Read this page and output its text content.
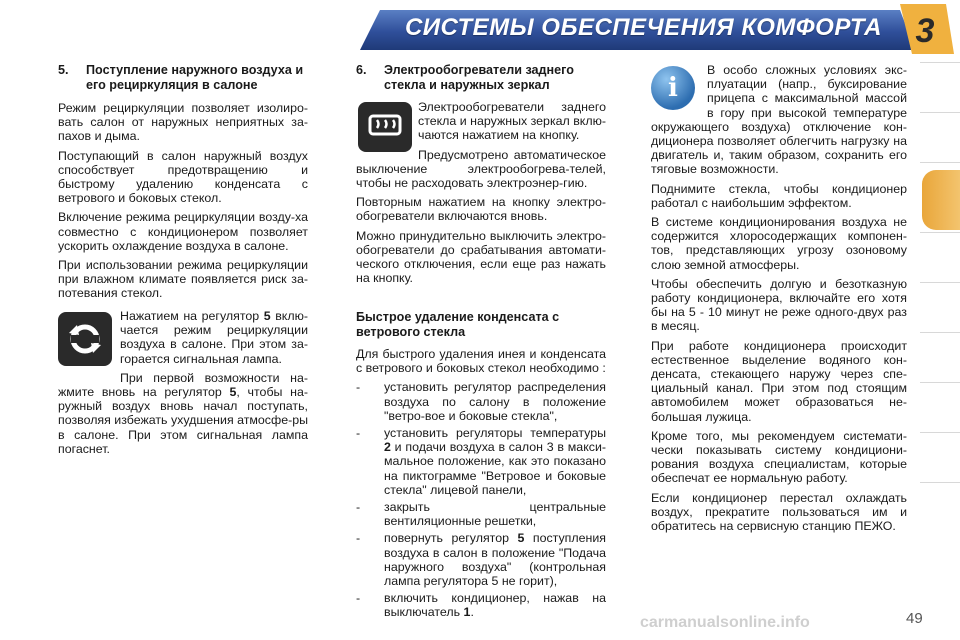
СИСТЕМЫ ОБЕСПЕЧЕНИЯ КОМФОРТА 3
5. Поступление наружного воздуха и
его рециркуляция в салоне

Режим рециркуляции позволяет изолиро-вать салон от наружных неприятных за-пахов и дыма.

Поступающий в салон наружный воздух способствует предотвращению и быстрому удалению конденсата с ветрового и боковых стекол.

Включение режима рециркуляции возду-ха совместно с кондиционером позволяет ускорить охлаждение воздуха в салоне.

При использовании режима рециркуляции при влажном климате появляется риск за-потевания стекол.

Нажатием на регулятор 5 вклю-чается режим рециркуляции воздуха в салоне. При этом за-горается сигнальная лампа.

При первой возможности на-жмите вновь на регулятор 5, чтобы на-ружный воздух вновь начал поступать, позволяя избежать ухудшения атмосфе-ры в салоне. При этом сигнальная лампа погаснет.

6. Электрообогреватели заднего
стекла и наружных зеркал

Электрообогреватели заднего стекла и наружных зеркал вклю-чаются нажатием на кнопку.

Предусмотрено автоматическое выключение электрообогрева-телей, чтобы не расходовать электроэнер-гию.

Повторным нажатием на кнопку электро-обогреватели включаются вновь.

Можно принудительно выключить электро-обогреватели до срабатывания автомати-ческого отключения, если еще раз нажать на кнопку.

Быстрое удаление конденсата с
ветрового стекла

Для быстрого удаления инея и конденсата с ветрового и боковых стекол необходимо :

- установить регулятор распределения воздуха по салону в положение "ветро-вое и боковые стекла",
- установить регуляторы температуры 2 и подачи воздуха в салон 3 в макси-мальное положение, как это показано на пиктограмме "Ветровое и боковые стекла" лицевой панели,
- закрыть центральные вентиляционные решетки,
- повернуть регулятор 5 поступления воздуха в салон в положение "Подача наружного воздуха" (контрольная лампа регулятора 5 не горит),
- включить кондиционер, нажав на выключатель 1.
i

В особо сложных условиях экс-плуатации (напр., буксирование прицепа с максимальной массой в гору при высокой температуре окружающего воздуха) отключение кон-диционера позволяет облегчить нагрузку на двигатель и, таким образом, сохранить его тяговые возможности.

Поднимите стекла, чтобы кондиционер работал с наибольшим эффектом.

В системе кондиционирования воздуха не содержится хлоросодержащих компонен-тов, представляющих угрозу озоновому слою земной атмосферы.

Чтобы обеспечить долгую и безотказную работу кондиционера, включайте его хотя бы на 5 - 10 минут не реже одного-двух раз в месяц.

При работе кондиционера происходит естественное выделение водяного кон-денсата, стекающего наружу через спе-циальный канал. При этом под стоящим автомобилем может образоваться не-большая лужица.

Кроме того, мы рекомендуем системати-чески показывать систему кондициони-рования воздуха специалистам, которые обеспечат ее нормальную работу.

Если кондиционер перестал охлаждать воздух, прекратите пользоваться им и обратитесь на сервисную станцию ПЕЖО.

carmanualsonline.info	49
